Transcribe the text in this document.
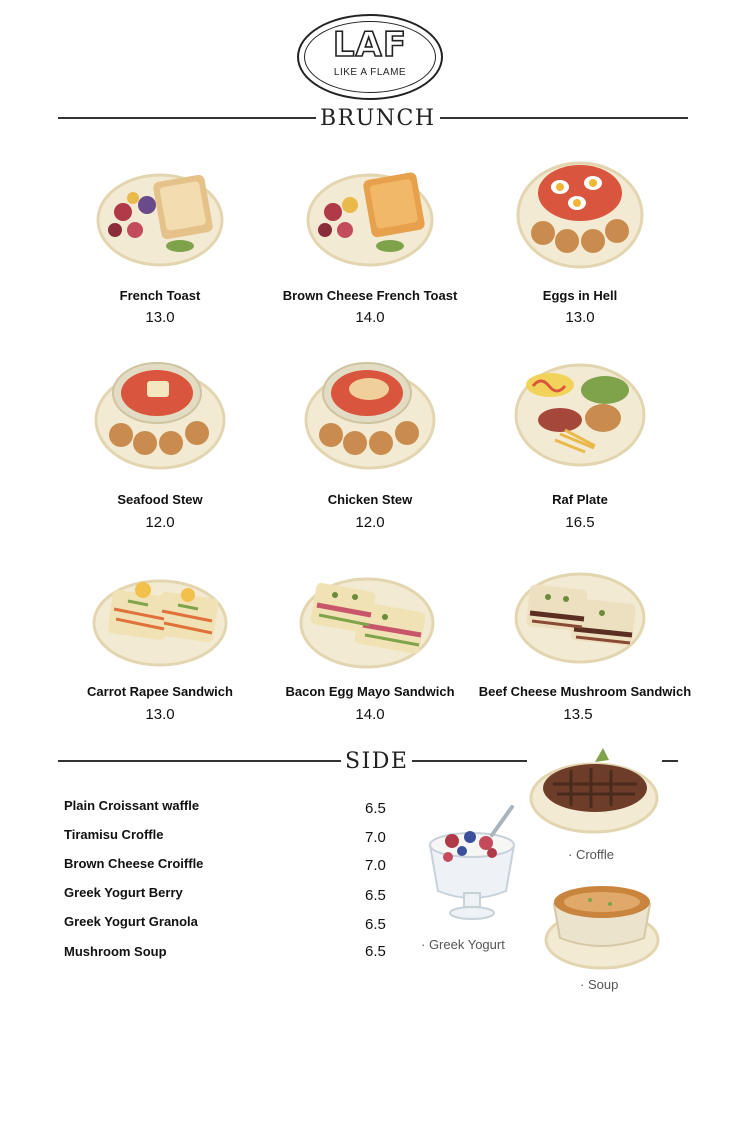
LAF
LIKE A FLAME
BRUNCH
French Toast
13.0
Brown Cheese French Toast
14.0
Eggs in Hell
13.0
Seafood Stew
12.0
Chicken Stew
12.0
Raf Plate
16.5
Carrot Rapee Sandwich
13.0
Bacon Egg Mayo Sandwich
14.0
Beef Cheese Mushroom Sandwich
13.5
SIDE
Plain Croissant waffle	6.5
Tiramisu Croffle	7.0
Brown Cheese Croiffle	7.0
Greek Yogurt Berry	6.5
Greek Yogurt Granola	6.5
Mushroom Soup	6.5
· Croffle
· Greek Yogurt
· Soup
